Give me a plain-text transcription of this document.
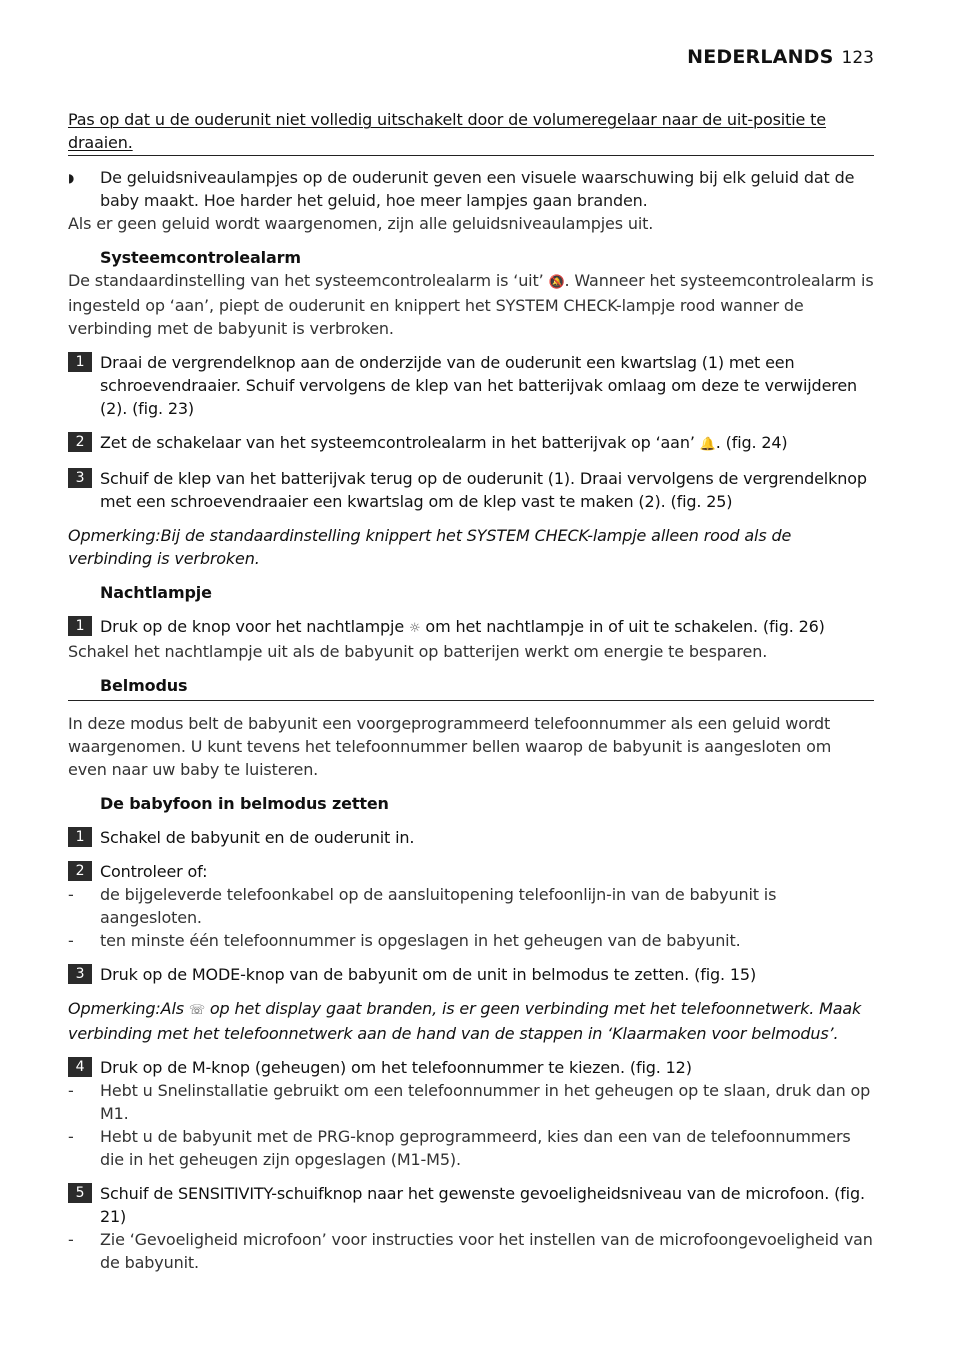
NEDERLANDS 123

Pas op dat u de ouderunit niet volledig uitschakelt door de volumeregelaar naar de uit-positie te draaien.

◗	De geluidsniveaulampjes op de ouderunit geven een visuele waarschuwing bij elk geluid dat de baby maakt. Hoe harder het geluid, hoe meer lampjes gaan branden.

Als er geen geluid wordt waargenomen, zijn alle geluidsniveaulampjes uit.

Systeemcontrolealarm

De standaardinstelling van het systeemcontrolealarm is ‘uit’ 🔕. Wanneer het systeemcontrolealarm is ingesteld op ‘aan’, piept de ouderunit en knippert het SYSTEM CHECK-lampje rood wanner de verbinding met de babyunit is verbroken.

1 Draai de vergrendelknop aan de onderzijde van de ouderunit een kwartslag (1) met een schroevendraaier. Schuif vervolgens de klep van het batterijvak omlaag om deze te verwijderen (2). (fig. 23)
2 Zet de schakelaar van het systeemcontrolealarm in het batterijvak op ‘aan’ 🔔. (fig. 24)
3 Schuif de klep van het batterijvak terug op de ouderunit (1). Draai vervolgens de vergrendelknop met een schroevendraaier een kwartslag om de klep vast te maken (2). (fig. 25)

Opmerking:Bij de standaardinstelling knippert het SYSTEM CHECK-lampje alleen rood als de verbinding is verbroken.

Nachtlampje
1 Druk op de knop voor het nachtlampje ☼ om het nachtlampje in of uit te schakelen. (fig. 26)

Schakel het nachtlampje uit als de babyunit op batterijen werkt om energie te besparen.

Belmodus

In deze modus belt de babyunit een voorgeprogrammeerd telefoonnummer als een geluid wordt waargenomen. U kunt tevens het telefoonnummer bellen waarop de babyunit is aangesloten om even naar uw baby te luisteren.

De babyfoon in belmodus zetten
1 Schakel de babyunit en de ouderunit in.
2 Controleer of:
-	de bijgeleverde telefoonkabel op de aansluitopening telefoonlijn-in van de babyunit is aangesloten.
-	ten minste één telefoonnummer is opgeslagen in het geheugen van de babyunit.
3 Druk op de MODE-knop van de babyunit om de unit in belmodus te zetten. (fig. 15)

Opmerking:Als ☏ op het display gaat branden, is er geen verbinding met het telefoonnetwerk. Maak verbinding met het telefoonnetwerk aan de hand van de stappen in ‘Klaarmaken voor belmodus’.

4 Druk op de M-knop (geheugen) om het telefoonnummer te kiezen. (fig. 12)
-	Hebt u Snelinstallatie gebruikt om een telefoonnummer in het geheugen op te slaan, druk dan op M1.
-	Hebt u de babyunit met de PRG-knop geprogrammeerd, kies dan een van de telefoonnummers die in het geheugen zijn opgeslagen (M1-M5).
5 Schuif de SENSITIVITY-schuifknop naar het gewenste gevoeligheidsniveau van de microfoon. (fig. 21)
-	Zie ‘Gevoeligheid microfoon’ voor instructies voor het instellen van de microfoongevoeligheid van de babyunit.
